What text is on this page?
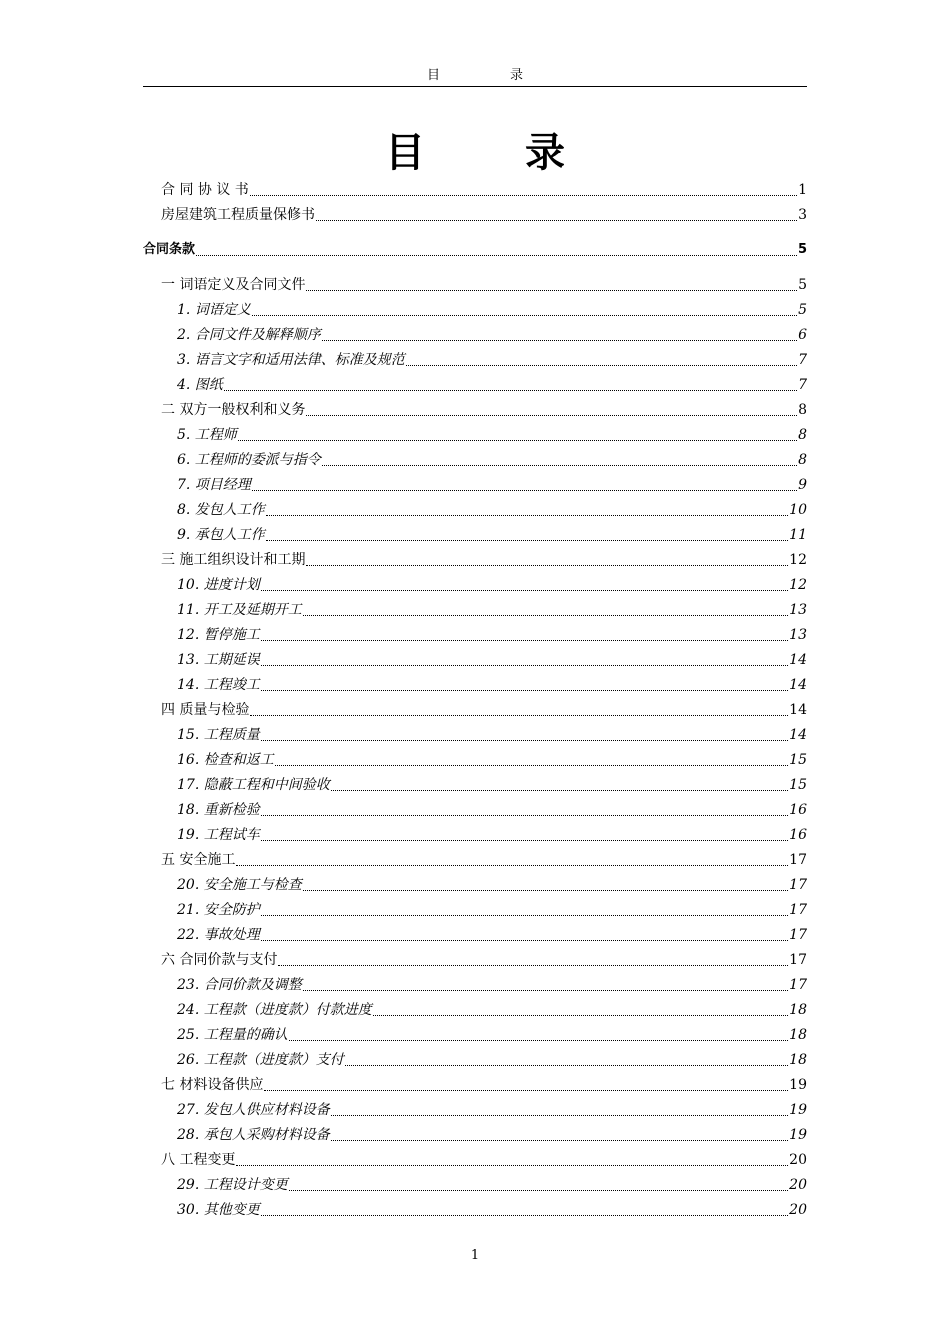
目	录
目	录
合 同 协 议 书	1
房屋建筑工程质量保修书	3
合同条款	5
一 词语定义及合同文件	5
1. 词语定义	5
2. 合同文件及解释顺序	6
3. 语言文字和适用法律、标准及规范	7
4. 图纸	7
二 双方一般权利和义务	8
5. 工程师	8
6. 工程师的委派与指令	8
7. 项目经理	9
8. 发包人工作	10
9. 承包人工作	11
三 施工组织设计和工期	12
10. 进度计划	12
11. 开工及延期开工	13
12. 暂停施工	13
13. 工期延误	14
14. 工程竣工	14
四 质量与检验	14
15. 工程质量	14
16. 检查和返工	15
17. 隐蔽工程和中间验收	15
18. 重新检验	16
19. 工程试车	16
五 安全施工	17
20. 安全施工与检查	17
21. 安全防护	17
22. 事故处理	17
六 合同价款与支付	17
23. 合同价款及调整	17
24. 工程款（进度款）付款进度	18
25. 工程量的确认	18
26. 工程款（进度款）支付	18
七 材料设备供应	19
27. 发包人供应材料设备	19
28. 承包人采购材料设备	19
八 工程变更	20
29. 工程设计变更	20
30. 其他变更	20
1
